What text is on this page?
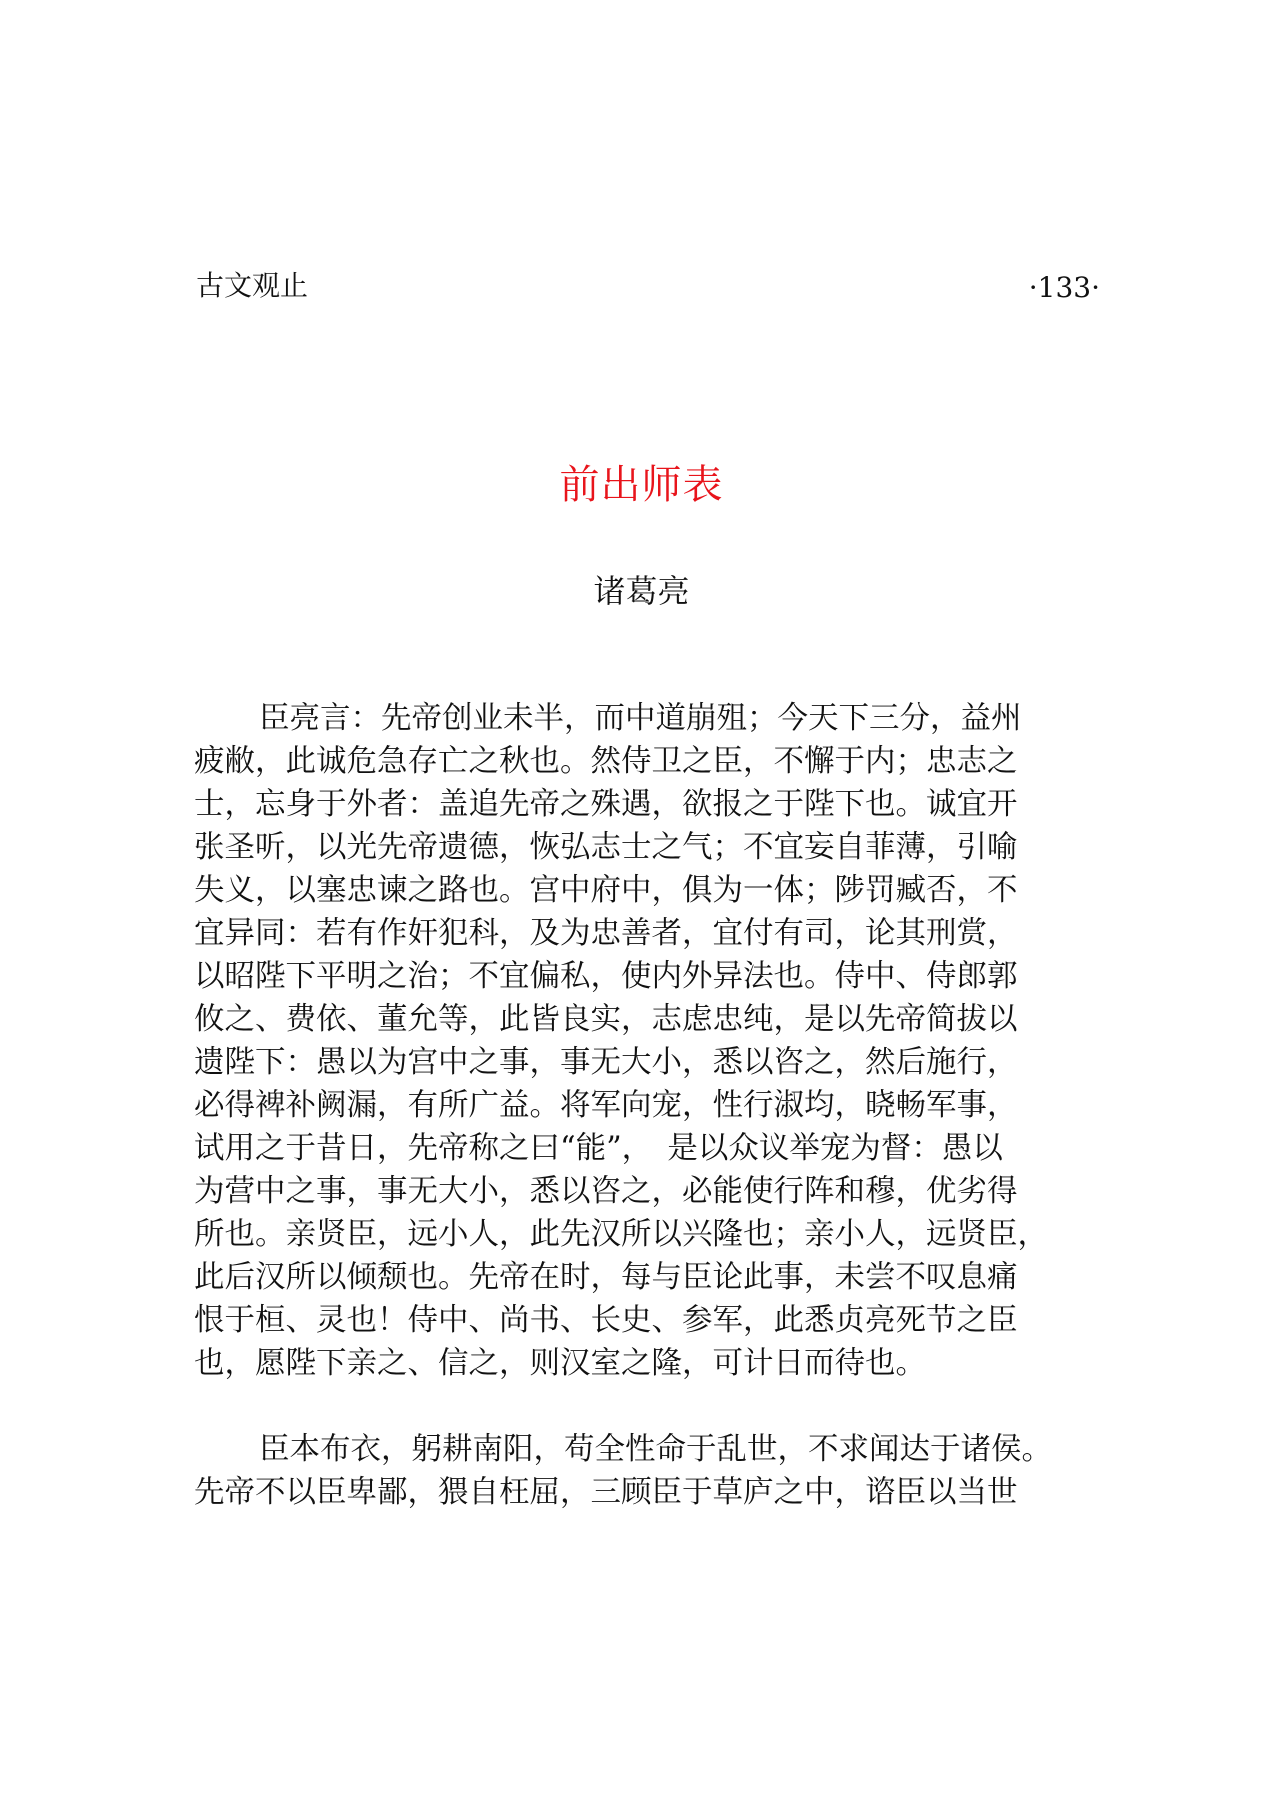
古文观止	·133·
前出师表
诸葛亮

臣亮言：先帝创业未半，而中道崩殂；今天下三分，益州
疲敝，此诚危急存亡之秋也。然侍卫之臣，不懈于内；忠志之
士，忘身于外者：盖追先帝之殊遇，欲报之于陛下也。诚宜开
张圣听，以光先帝遗德，恢弘志士之气；不宜妄自菲薄，引喻
失义，以塞忠谏之路也。宫中府中，俱为一体；陟罚臧否，不
宜异同：若有作奸犯科，及为忠善者，宜付有司，论其刑赏，
以昭陛下平明之治；不宜偏私，使内外异法也。侍中、侍郎郭
攸之、费依、董允等，此皆良实，志虑忠纯，是以先帝简拔以
遗陛下：愚以为宫中之事，事无大小，悉以咨之，然后施行，
必得裨补阙漏，有所广益。将军向宠，性行淑均，晓畅军事，
试用之于昔日，先帝称之曰“能”，　是以众议举宠为督：愚以
为营中之事，事无大小，悉以咨之，必能使行阵和穆，优劣得
所也。亲贤臣，远小人，此先汉所以兴隆也；亲小人，远贤臣，
此后汉所以倾颓也。先帝在时，每与臣论此事，未尝不叹息痛
恨于桓、灵也！侍中、尚书、长史、参军，此悉贞亮死节之臣
也，愿陛下亲之、信之，则汉室之隆，可计日而待也。

臣本布衣，躬耕南阳，苟全性命于乱世，不求闻达于诸侯。
先帝不以臣卑鄙，猥自枉屈，三顾臣于草庐之中，谘臣以当世
